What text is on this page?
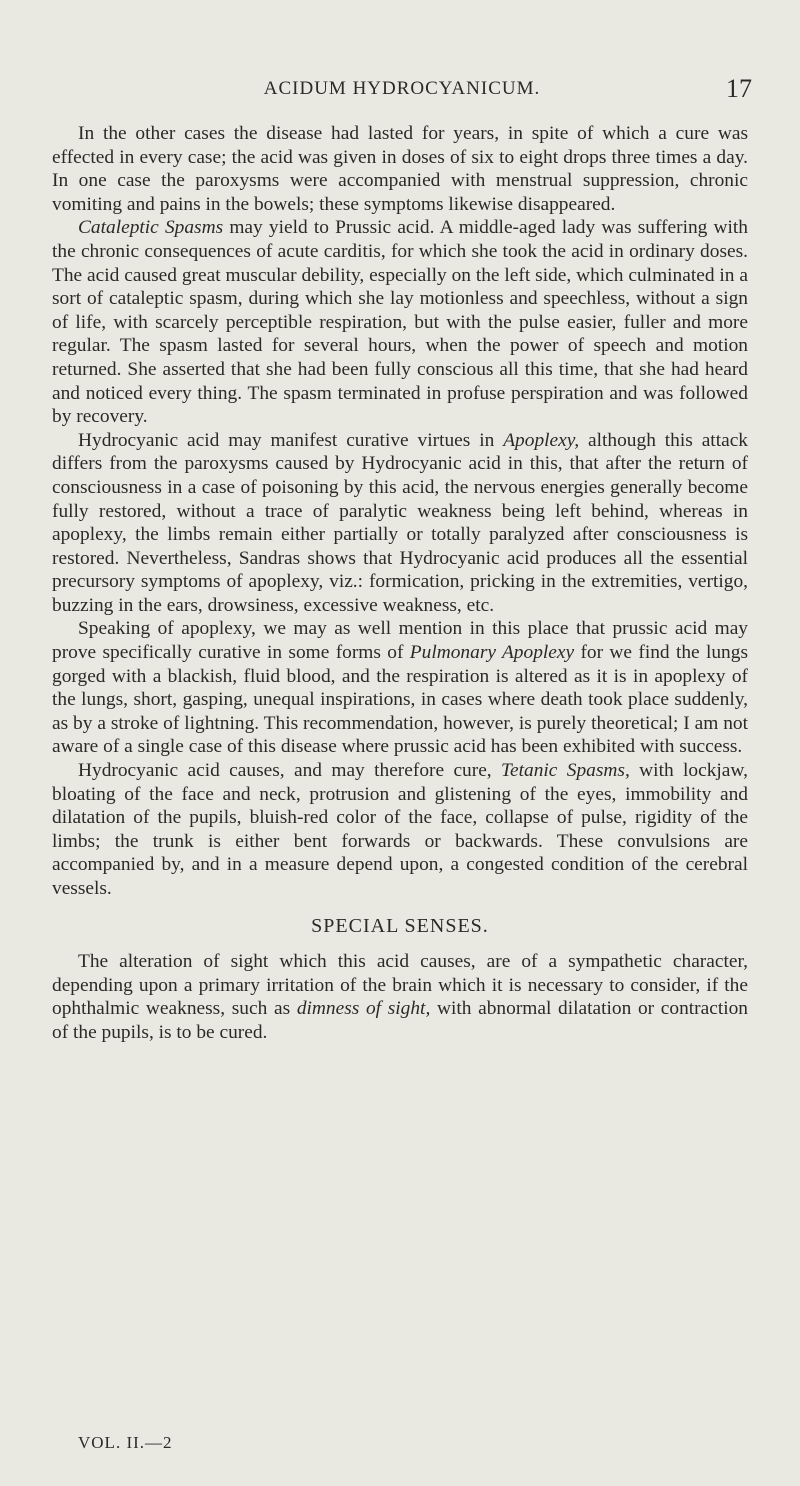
ACIDUM HYDROCYANICUM.	17

In the other cases the disease had lasted for years, in spite of which a cure was effected in every case; the acid was given in doses of six to eight drops three times a day. In one case the paroxysms were accompanied with menstrual suppression, chronic vomiting and pains in the bowels; these symptoms likewise disappeared.

Cataleptic Spasms may yield to Prussic acid. A middle-aged lady was suffering with the chronic consequences of acute carditis, for which she took the acid in ordinary doses. The acid caused great muscular debility, especially on the left side, which culminated in a sort of cataleptic spasm, during which she lay motionless and speechless, without a sign of life, with scarcely perceptible respiration, but with the pulse easier, fuller and more regular. The spasm lasted for several hours, when the power of speech and motion returned. She asserted that she had been fully conscious all this time, that she had heard and noticed every thing. The spasm terminated in profuse perspiration and was followed by recovery.

Hydrocyanic acid may manifest curative virtues in Apoplexy, although this attack differs from the paroxysms caused by Hydrocyanic acid in this, that after the return of consciousness in a case of poisoning by this acid, the nervous energies generally become fully restored, without a trace of paralytic weakness being left behind, whereas in apoplexy, the limbs remain either partially or totally paralyzed after consciousness is restored. Nevertheless, Sandras shows that Hydrocyanic acid produces all the essential precursory symptoms of apoplexy, viz.: formication, pricking in the extremities, vertigo, buzzing in the ears, drowsiness, excessive weakness, etc.

Speaking of apoplexy, we may as well mention in this place that prussic acid may prove specifically curative in some forms of Pulmonary Apoplexy for we find the lungs gorged with a blackish, fluid blood, and the respiration is altered as it is in apoplexy of the lungs, short, gasping, unequal inspirations, in cases where death took place suddenly, as by a stroke of lightning. This recommendation, however, is purely theoretical; I am not aware of a single case of this disease where prussic acid has been exhibited with success.

Hydrocyanic acid causes, and may therefore cure, Tetanic Spasms, with lockjaw, bloating of the face and neck, protrusion and glistening of the eyes, immobility and dilatation of the pupils, bluish-red color of the face, collapse of pulse, rigidity of the limbs; the trunk is either bent forwards or backwards. These convulsions are accompanied by, and in a measure depend upon, a congested condition of the cerebral vessels.

SPECIAL SENSES.

The alteration of sight which this acid causes, are of a sympathetic character, depending upon a primary irritation of the brain which it is necessary to consider, if the ophthalmic weakness, such as dimness of sight, with abnormal dilatation or contraction of the pupils, is to be cured.

VOL. II.—2
